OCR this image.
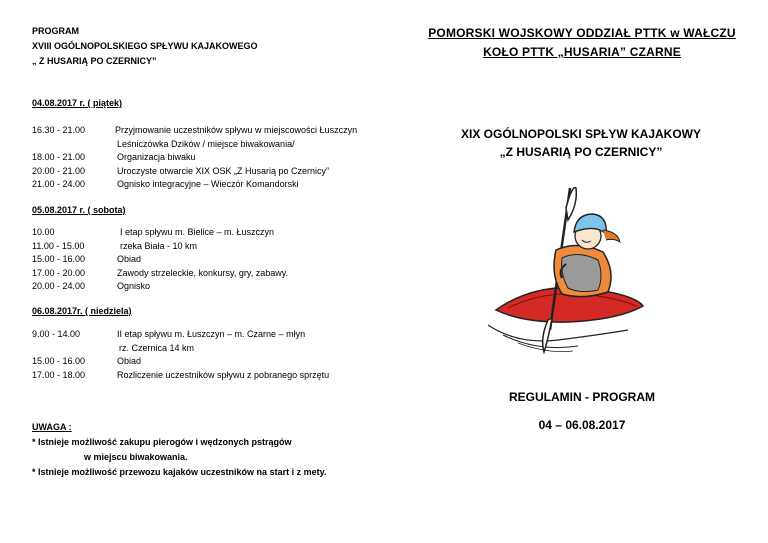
PROGRAM
XVIII OGÓLNOPOLSKIEGO SPŁYWU KAJAKOWEGO
„ Z HUSARIĄ PO CZERNICY”
04.08.2017 r. ( piątek)
16.30 - 21.00	Przyjmowanie uczestników spływu w miejscowości Łuszczyn
Leśniczówka Dzików / miejsce biwakowania/
18.00 - 21.00	Organizacja biwaku
20.00 - 21.00	Uroczyste otwarcie XIX OSK „Z Husarią po Czernicy”
21.00 - 24.00	Ognisko integracyjne – Wieczór Komandorski
05.08.2017 r. ( sobota)
10.00	I etap spływu m. Bielice – m. Łuszczyn
11.00 - 15.00	rzeka Biała - 10 km
15.00 - 16.00	Obiad
17.00 - 20.00	Zawody strzeleckie, konkursy, gry, zabawy.
20.00 - 24.00	Ognisko
06.08.2017r. ( niedziela)
9.00 - 14.00	II etap spływu m. Łuszczyn – m. Czarne – młyn
rz. Czernica 14 km
15.00 - 16.00	Obiad
17.00 - 18.00	Rozliczenie uczestników spływu z pobranego sprzętu
UWAGA :
* Istnieje możliwość zakupu pierogów i wędzonych pstrągów
w miejscu biwakowania.
* Istnieje możliwość przewozu kajaków uczestników na start i z mety.
POMORSKI WOJSKOWY ODDZIAŁ PTTK w WAŁCZU
KOŁO PTTK „HUSARIA” CZARNE
XIX OGÓLNOPOLSKI SPŁYW KAJAKOWY
„Z HUSARIĄ PO CZERNICY”
REGULAMIN - PROGRAM
04 – 06.08.2017
